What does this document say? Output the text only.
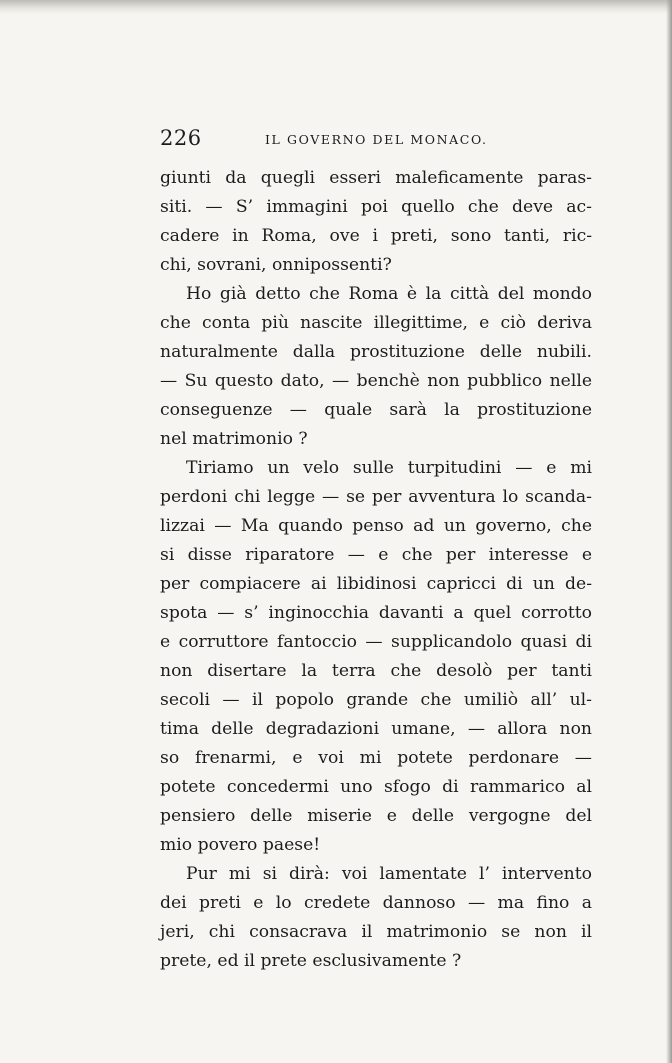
226	IL GOVERNO DEL MONACO.
giunti da quegli esseri maleficamente paras-
siti. — S’ immagini poi quello che deve ac-
cadere in Roma, ove i preti, sono tanti, ric-
chi, sovrani, onnipossenti?
Ho già detto che Roma è la città del mondo
che conta più nascite illegittime, e ciò deriva
naturalmente dalla prostituzione delle nubili.
— Su questo dato, — benchè non pubblico nelle
conseguenze — quale sarà la prostituzione
nel matrimonio ?
Tiriamo un velo sulle turpitudini — e mi
perdoni chi legge — se per avventura lo scanda-
lizzai — Ma quando penso ad un governo, che
si disse riparatore — e che per interesse e
per compiacere ai libidinosi capricci di un de-
spota — s’ inginocchia davanti a quel corrotto
e corruttore fantoccio — supplicandolo quasi di
non disertare la terra che desolò per tanti
secoli — il popolo grande che umiliò all’ ul-
tima delle degradazioni umane, — allora non
so frenarmi, e voi mi potete perdonare —
potete concedermi uno sfogo di rammarico al
pensiero delle miserie e delle vergogne del
mio povero paese!
Pur mi si dirà: voi lamentate l’ intervento
dei preti e lo credete dannoso — ma fino a
jeri, chi consacrava il matrimonio se non il
prete, ed il prete esclusivamente ?
